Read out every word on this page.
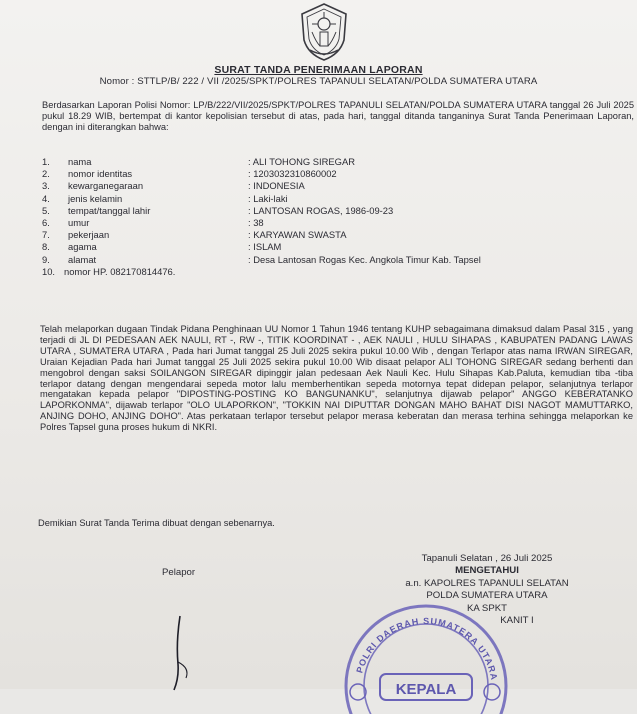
SURAT TANDA PENERIMAAN LAPORAN
Nomor : STTLP/B/ 222 / VII /2025/SPKT/POLRES TAPANULI SELATAN/POLDA SUMATERA UTARA
Berdasarkan Laporan Polisi Nomor: LP/B/222/VII/2025/SPKT/POLRES TAPANULI SELATAN/POLDA SUMATERA UTARA tanggal 26 Juli 2025 pukul 18.29 WIB, bertempat di kantor kepolisian tersebut di atas, pada hari, tanggal ditanda tanganinya Surat Tanda Penerimaan Laporan, dengan ini diterangkan bahwa:
1. nama	: ALI TOHONG SIREGAR
2. nomor identitas	: 1203032310860002
3. kewarganegaraan	: INDONESIA
4. jenis kelamin	: Laki-laki
5. tempat/tanggal lahir	: LANTOSAN ROGAS, 1986-09-23
6. umur	: 38
7. pekerjaan	: KARYAWAN SWASTA
8. agama	: ISLAM
9. alamat	: Desa Lantosan Rogas Kec. Angkola Timur Kab. Tapsel
10. nomor HP. 082170814476.
Telah melaporkan dugaan Tindak Pidana Penghinaan UU Nomor 1 Tahun 1946 tentang KUHP sebagaimana dimaksud dalam Pasal 315 , yang terjadi di JL DI PEDESAAN AEK NAULI, RT -, RW -, TITIK KOORDINAT - , AEK NAULI , HULU SIHAPAS , KABUPATEN PADANG LAWAS UTARA , SUMATERA UTARA , Pada hari Jumat tanggal 25 Juli 2025 sekira pukul 10.00 Wib , dengan Terlapor atas nama IRWAN SIREGAR, Uraian Kejadian Pada hari Jumat tanggal 25 Juli 2025 sekira pukul 10.00 Wib disaat pelapor ALI TOHONG SIREGAR sedang berhenti dan mengobrol dengan saksi SOILANGON SIREGAR dipinggir jalan pedesaan Aek Nauli Kec. Hulu Sihapas Kab.Paluta, kemudian tiba -tiba terlapor datang dengan mengendarai sepeda motor lalu memberhentikan sepeda motornya tepat didepan pelapor, selanjutnya terlapor mengatakan kepada pelapor "DIPOSTING-POSTING KO BANGUNANKU", selanjutnya dijawab pelapor" ANGGO KEBERATANKO LAPORKONMA", dijawab terlapor "OLO ULAPORKON", "TOKKIN NAI DIPUTTAR DONGAN MAHO BAHAT DISI NAGOT MAMUTTARKO, ANJING DOHO, ANJING DOHO". Atas perkataan terlapor tersebut pelapor merasa keberatan dan merasa terhina sehingga melaporkan ke Polres Tapsel guna proses hukum di NKRI.
Demikian Surat Tanda Terima dibuat dengan sebenarnya.
Pelapor
POLRI DAERAH SUMATERA UTARA
KEPALA
Tapanuli Selatan , 26 Juli 2025
MENGETAHUI
a.n. KAPOLRES TAPANULI SELATAN
POLDA SUMATERA UTARA
KA SPKT
KANIT I
